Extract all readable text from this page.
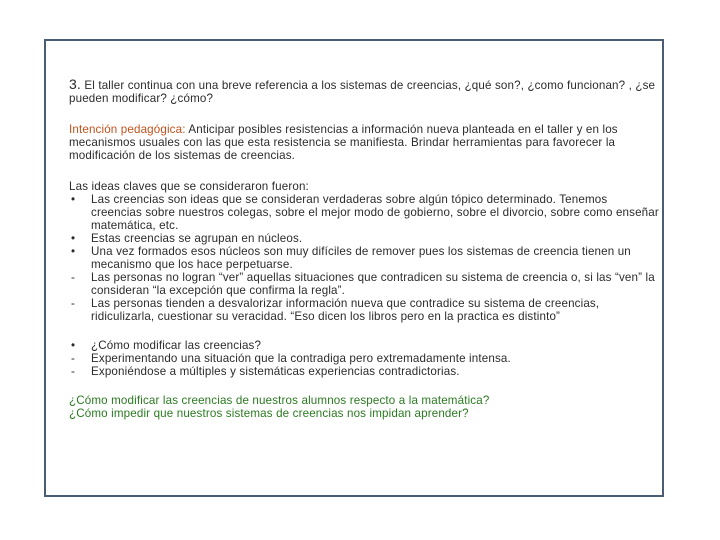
3. El taller continua con una breve referencia a los sistemas de creencias, ¿qué son?, ¿como funcionan? , ¿se pueden modificar? ¿cómo?

Intención pedagógica: Anticipar posibles resistencias a información nueva planteada en el taller y en los mecanismos usuales con las que esta resistencia se manifiesta. Brindar herramientas para favorecer la modificación de los sistemas de creencias.

Las ideas claves que se consideraron fueron:

•	Las creencias son ideas que se consideran verdaderas sobre algún tópico determinado. Tenemos creencias sobre nuestros colegas, sobre el mejor modo de gobierno, sobre el divorcio, sobre como enseñar matemática, etc.
•	Estas creencias se agrupan en núcleos.
•	Una vez formados esos núcleos son muy difíciles de remover pues los sistemas de creencia tienen un mecanismo que los hace perpetuarse.
-	Las personas no logran “ver” aquellas situaciones que contradicen su sistema de creencia o, si las “ven” la consideran “la excepción que confirma la regla”.
-	Las personas tienden a desvalorizar información nueva que contradice su sistema de creencias, ridiculizarla, cuestionar su veracidad. “Eso dicen los libros pero en la practica es distinto”
•	¿Cómo modificar las creencias?
-	Experimentando una situación que la contradiga pero extremadamente intensa.
-	Exponiéndose a múltiples y sistemáticas experiencias contradictorias.

¿Cómo modificar las creencias de nuestros alumnos respecto a la matemática?

¿Cómo impedir que nuestros sistemas de creencias nos impidan aprender?
